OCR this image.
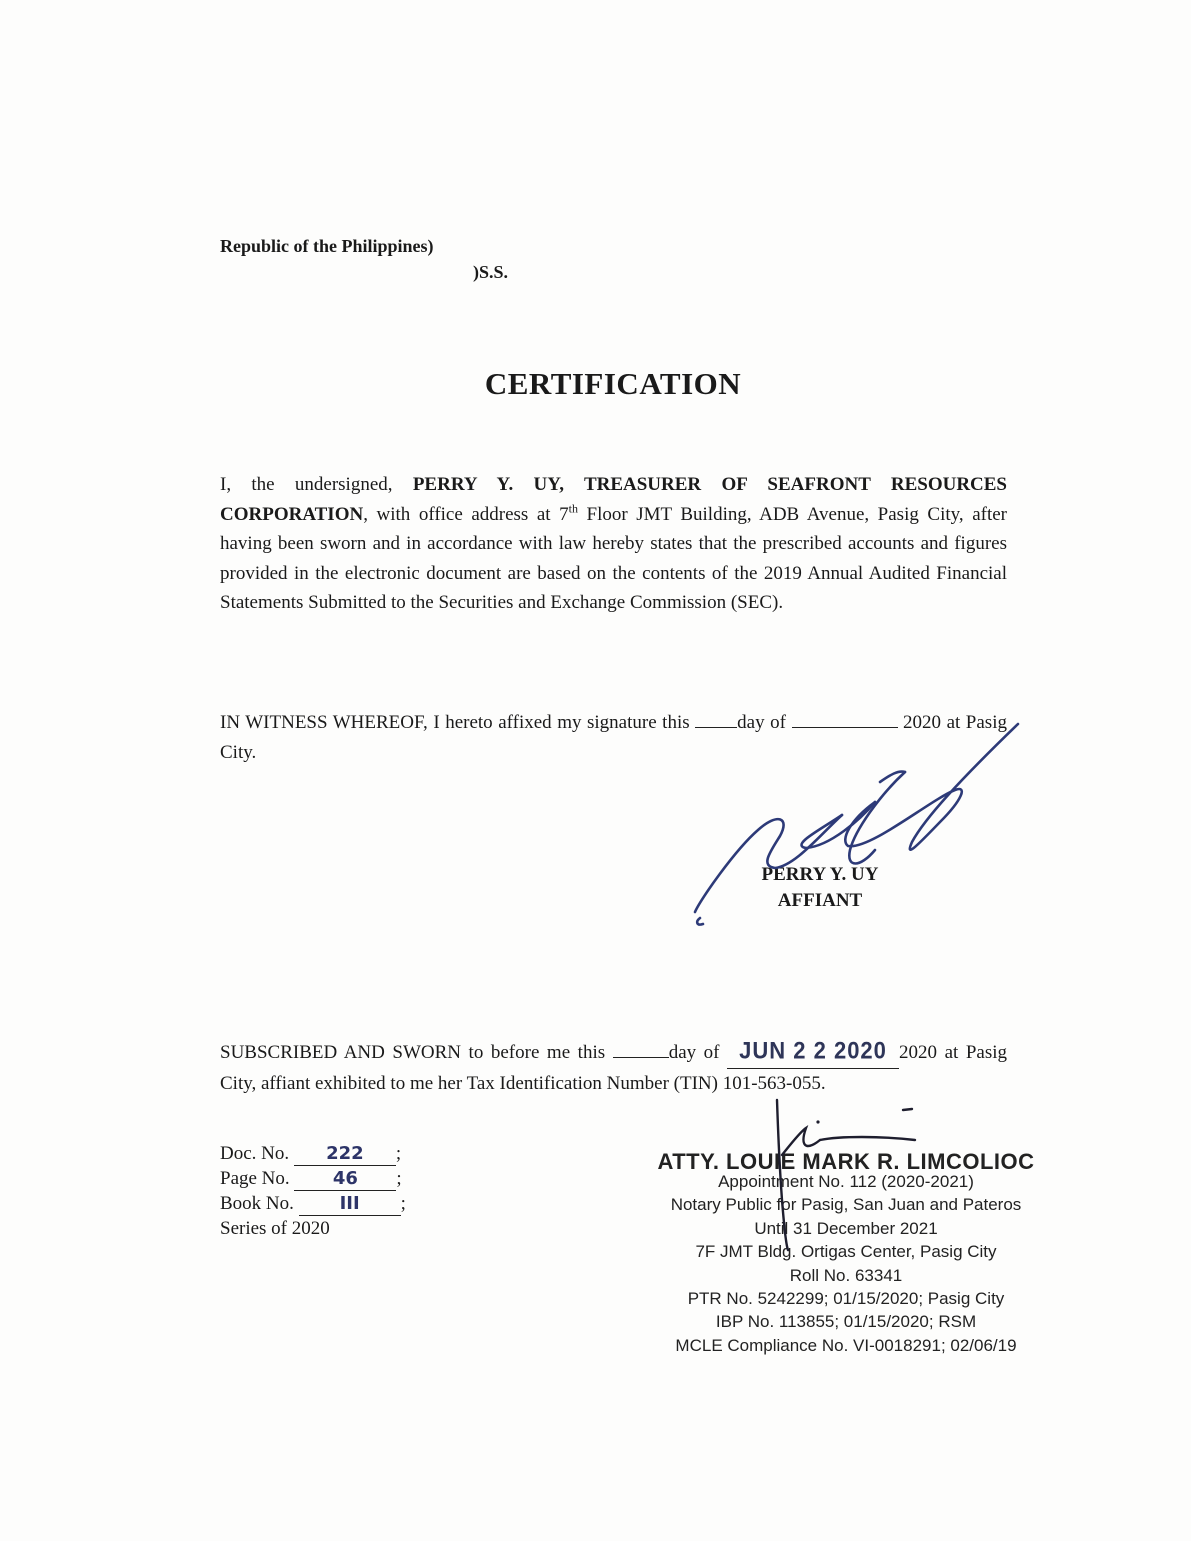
Republic of the Philippines)
)S.S.
CERTIFICATION
I, the undersigned, PERRY Y. UY, TREASURER OF SEAFRONT RESOURCES CORPORATION, with office address at 7th Floor JMT Building, ADB Avenue, Pasig City, after having been sworn and in accordance with law hereby states that the prescribed accounts and figures provided in the electronic document are based on the contents of the 2019 Annual Audited Financial Statements Submitted to the Securities and Exchange Commission (SEC).
IN WITNESS WHEREOF, I hereto affixed my signature this day of	2020 at Pasig City.
PERRY Y. UY
AFFIANT
SUBSCRIBED AND SWORN to before me this	day of JUN 2 2 2020 2020 at Pasig City, affiant exhibited to me her Tax Identification Number (TIN) 101-563-055.
Doc. No. 222 ;
Page No. 46 ;
Book No.	III ;
Series of 2020
ATTY. LOUIE MARK R. LIMCOLIOC
Appointment No. 112 (2020-2021)
Notary Public for Pasig, San Juan and Pateros
Until 31 December 2021
7F JMT Bldg. Ortigas Center, Pasig City
Roll No. 63341
PTR No. 5242299; 01/15/2020; Pasig City
IBP No. 113855; 01/15/2020; RSM
MCLE Compliance No. VI-0018291; 02/06/19
